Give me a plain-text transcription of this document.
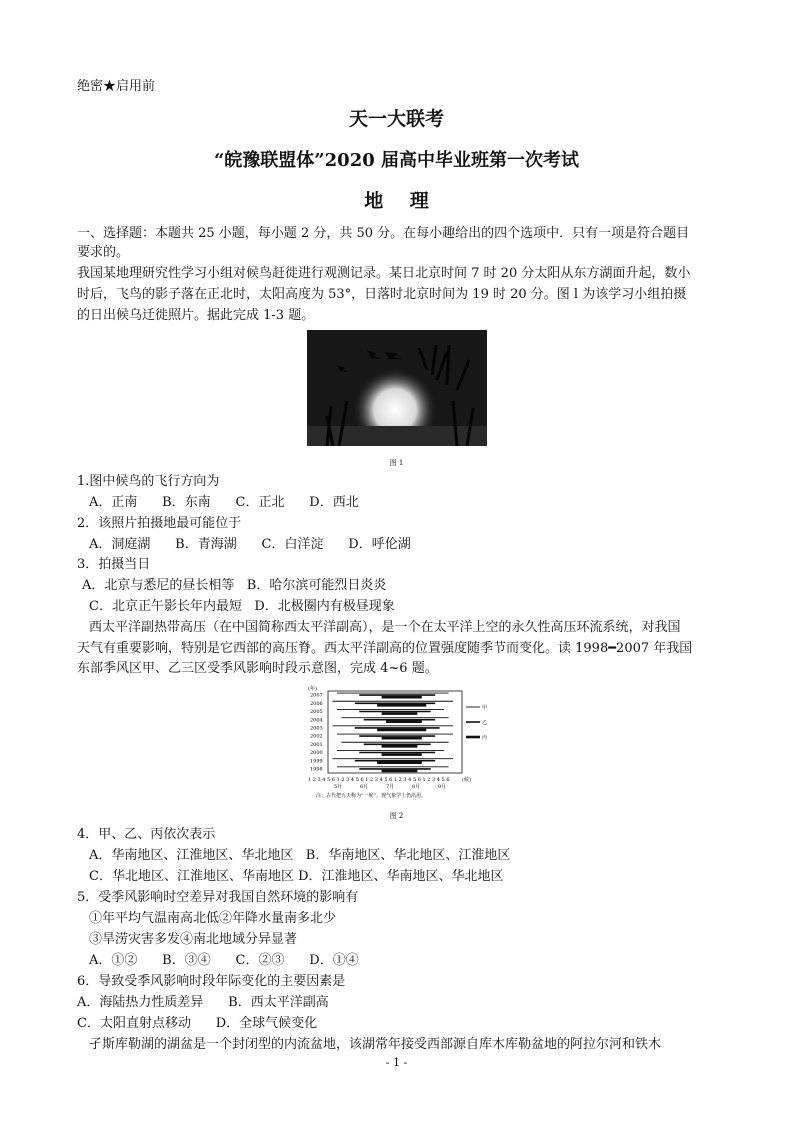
绝密★启用前
天一大联考
“皖豫联盟体”2020 届高中毕业班第一次考试
地    理
一、选择题：本题共 25 小题，每小题 2 分，共 50 分。在每小趣给出的四个选项中．只有一项是符合题目
要求的。
我国某地理研究性学习小组对候鸟赶徙进行观测记录。某日北京时间 7 时 20 分太阳从东方湖面升起，数小
时后，飞鸟的影子落在正北时，太阳高度为 53°，日落时北京时间为 19 时 20 分。图 l 为该学习小组拍摄
的日出候乌迁徙照片。据此完成 1-3 题。
图 1
1.图中候鸟的飞行方向为
A．正南      B．东南      C．正北      D．西北
2．该照片拍摄地最可能位于
A．洞庭湖      B．青海湖      C．白洋淀      D．呼伦湖
3．拍摄当日
A．北京与悉尼的昼长相等   B．哈尔滨可能烈日炎炎
C．北京正午影长年内最短   D．北极圈内有极昼现象
西太平洋副热带高压（在中国简称西太平洋副高），是一个在太平洋上空的永久性高压环流系统，对我国
天气有重要影响，特别是它西部的高压脊。西太平洋副高的位置强度随季节而变化。读 1998━2007 年我国
东部季风区甲、乙三区受季风影响时段示意图，完成 4~6 题。
(年)
2007
2006
2005
2004
2003
2002
2001
2000
1999
1998
甲
乙
丙
1 2 3 4 5 6 1 2 3 4 5 6 1 2 3 4 5 6 1 2 3 4 5 6 1 2 3 4 5 6 (候)
5月	6月	7月	8月	9月
注：古代把五天称为“一候”，现气象学上仍沿用。
图 2
4．甲、乙、丙依次表示
A．华南地区、江淮地区、华北地区   B．华南地区、华北地区、江淮地区
C．华北地区、江淮地区、华南地区 D．江淮地区、华南地区、华北地区
5．受季风影响时空差异对我国自然环境的影响有
①年平均气温南高北低②年降水量南多北少
③旱涝灾害多发④南北地域分异显著
A．①②      B．③④      C．②③      D．①④
6．导致受季风影响时段年际变化的主要因素是
A．海陆热力性质差异      B．西太平洋副高
C．太阳直射点移动      D．全球气候变化
孑斯库勒湖的湖盆是一个封闭型的内流盆地，该湖常年接受西部源自库木库勒盆地的阿拉尔河和铁木
- 1 -
